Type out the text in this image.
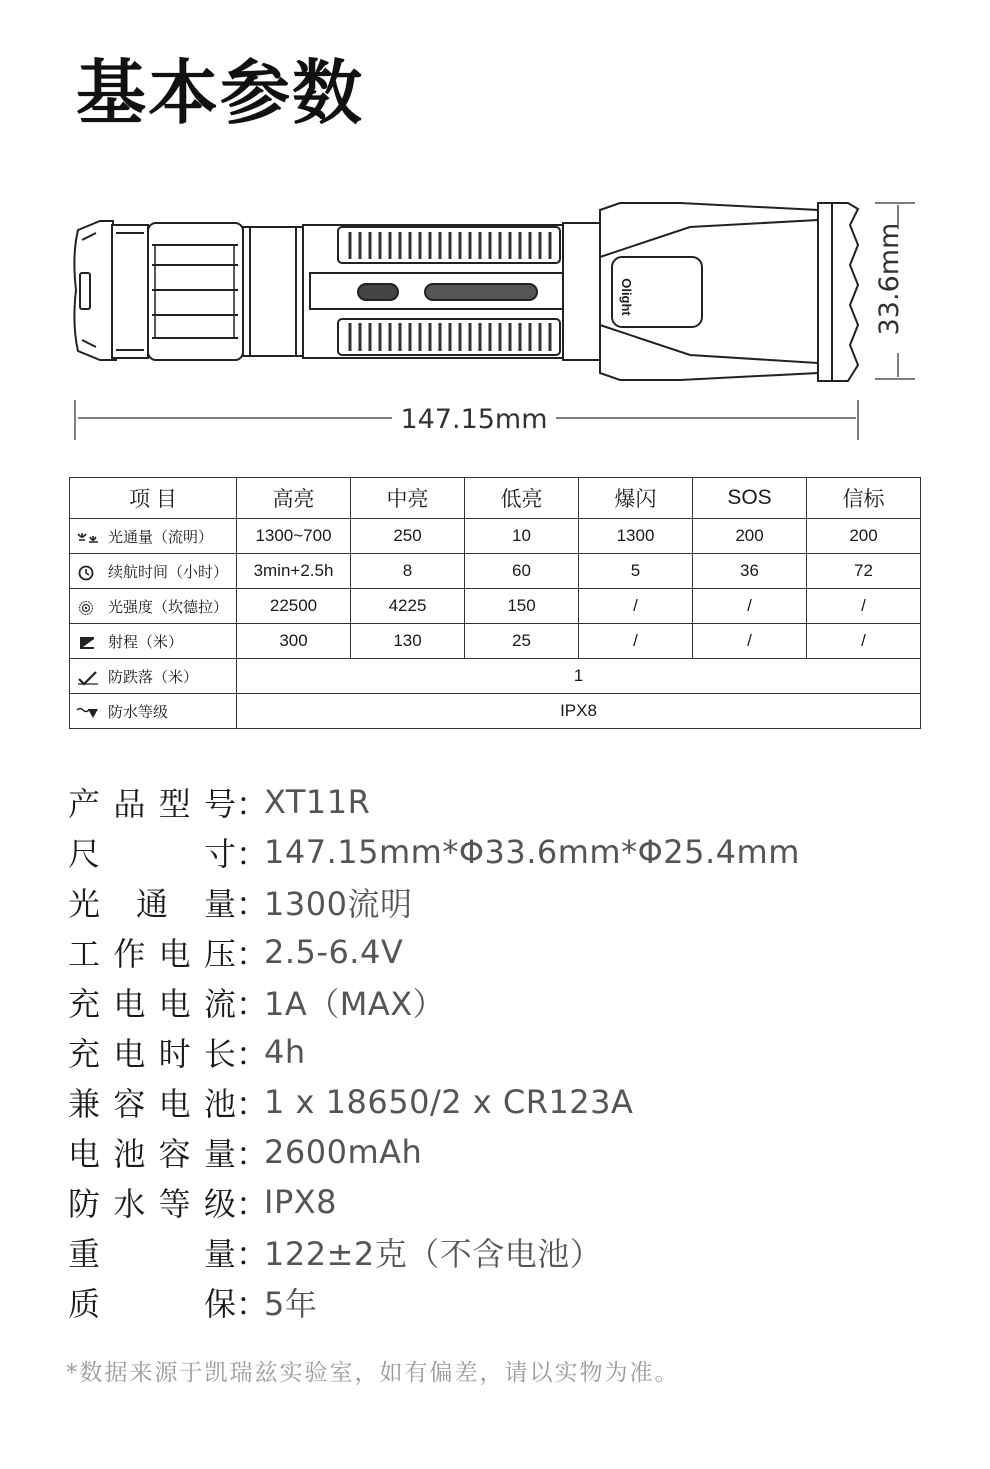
基本参数
Olight
147.15mm
33.6mm
项 目	高亮	中亮	低亮	爆闪	SOS	信标

光通量（流明）	1300~700	250	10	1300	200	200

续航时间（小时）	3min+2.5h	8	60	5	36	72

光强度（坎德拉）	22500	4225	150	/	/	/

射程（米）	300	130	25	/	/	/

防跌落（米）	1					

防水等级	IPX8					
产 品 型 号 ：
XT11R
尺	寸 ：
147.15mm*Φ33.6mm*Φ25.4mm
光 通 量 ：
1300流明
工 作 电 压 ：
2.5-6.4V
充 电 电 流 ：
1A（MAX）
充 电 时 长 ：
4h
兼 容 电 池 ：
1 x 18650/2 x CR123A
电 池 容 量 ：
2600mAh
防 水 等 级 ：
IPX8
重	量 ：
122±2克（不含电池）
质	保 ：
5年
*数据来源于凯瑞兹实验室，如有偏差，请以实物为准。
